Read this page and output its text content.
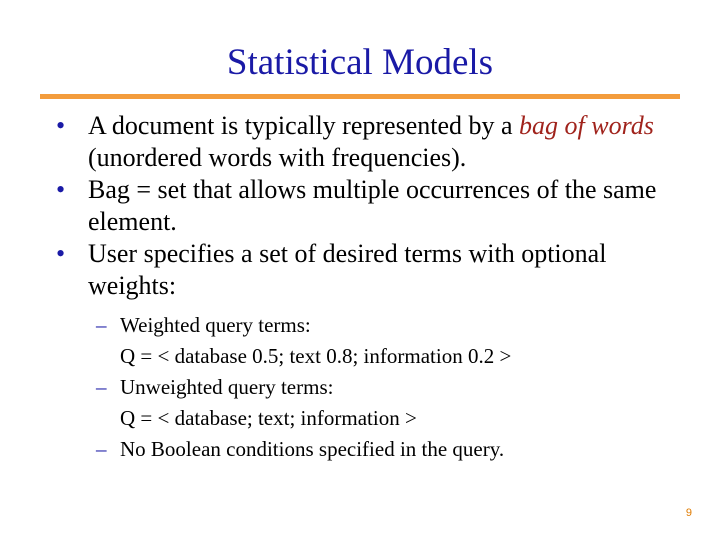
Statistical Models
• A document is typically represented by a bag of words (unordered words with frequencies).
• Bag = set that allows multiple occurrences of the same element.
• User specifies a set of desired terms with optional weights:
– Weighted query terms:
Q = < database 0.5; text 0.8; information 0.2 >
– Unweighted query terms:
Q = < database; text; information >
– No Boolean conditions specified in the query.
9
